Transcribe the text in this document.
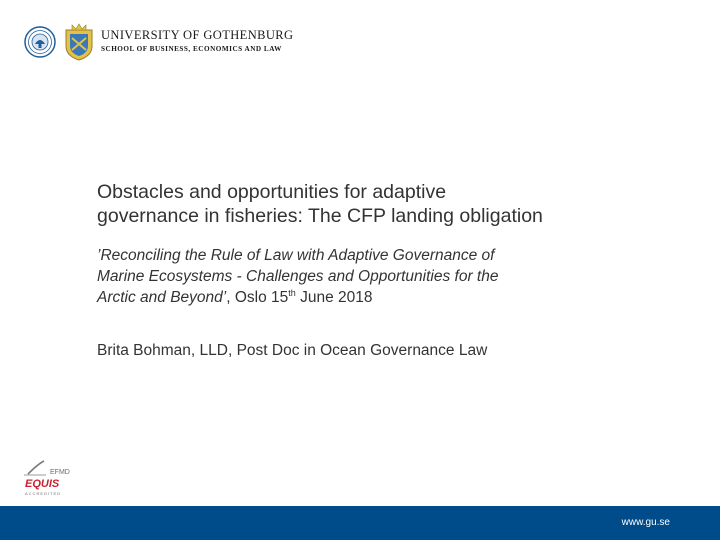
UNIVERSITY OF GOTHENBURG
SCHOOL OF BUSINESS, ECONOMICS AND LAW
Obstacles and opportunities for adaptive
governance in fisheries: The CFP landing obligation
’Reconciling the Rule of Law with Adaptive Governance of
Marine Ecosystems - Challenges and Opportunities for the
Arctic and Beyond’, Oslo 15th June 2018
Brita Bohman, LLD, Post Doc in Ocean Governance Law
EFMD
EQUIS
ACCREDITED
www.gu.se
